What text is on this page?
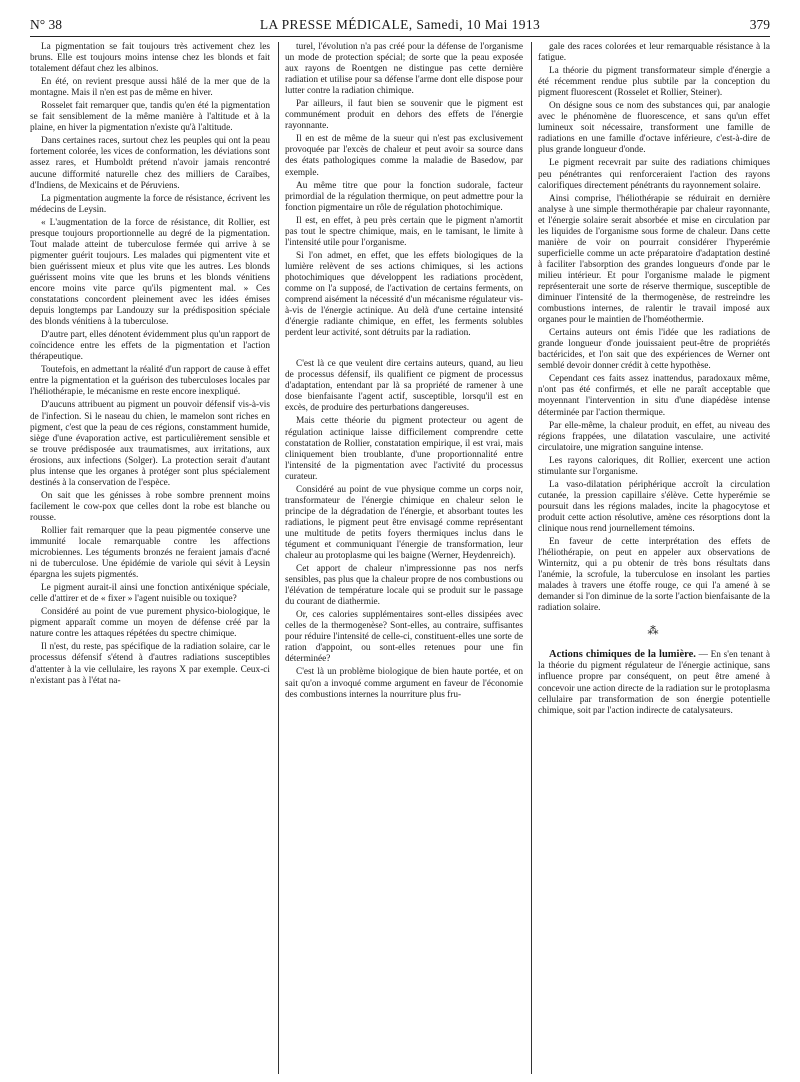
N° 38	LA PRESSE MÉDICALE, Samedi, 10 Mai 1913	379

La pigmentation se fait toujours très activement chez les bruns. Elle est toujours moins intense chez les blonds et fait totalement défaut chez les albinos.

En été, on revient presque aussi hâlé de la mer que de la montagne. Mais il n'en est pas de même en hiver.

Rosselet fait remarquer que, tandis qu'en été la pigmentation se fait sensiblement de la même manière à l'altitude et à la plaine, en hiver la pigmentation n'existe qu'à l'altitude.

Dans certaines races, surtout chez les peuples qui ont la peau fortement colorée, les vices de conformation, les déviations sont assez rares, et Humboldt prétend n'avoir jamais rencontré aucune difformité naturelle chez des milliers de Caraïbes, d'Indiens, de Mexicains et de Péruviens.

La pigmentation augmente la force de résistance, écrivent les médecins de Leysin.

« L'augmentation de la force de résistance, dit Rollier, est presque toujours proportionnelle au degré de la pigmentation. Tout malade atteint de tuberculose fermée qui arrive à se pigmenter guérit toujours. Les malades qui pigmentent vite et bien guérissent mieux et plus vite que les autres. Les blonds guérissent moins vite que les bruns et les blonds vénitiens encore moins vite parce qu'ils pigmentent mal. » Ces constatations concordent pleinement avec les idées émises depuis longtemps par Landouzy sur la prédisposition spéciale des blonds vénitiens à la tuberculose.

D'autre part, elles dénotent évidemment plus qu'un rapport de coïncidence entre les effets de la pigmentation et l'action thérapeutique.

Toutefois, en admettant la réalité d'un rapport de cause à effet entre la pigmentation et la guérison des tuberculoses locales par l'héliothérapie, le mécanisme en reste encore inexpliqué.

D'aucuns attribuent au pigment un pouvoir défensif vis-à-vis de l'infection. Si le naseau du chien, le mamelon sont riches en pigment, c'est que la peau de ces régions, constamment humide, siège d'une évaporation active, est particulièrement sensible et se trouve prédisposée aux traumatismes, aux irritations, aux érosions, aux infections (Solger). La protection serait d'autant plus intense que les organes à protéger sont plus spécialement destinés à la conservation de l'espèce.

On sait que les génisses à robe sombre prennent moins facilement le cow-pox que celles dont la robe est blanche ou rousse.

Rollier fait remarquer que la peau pigmentée conserve une immunité locale remarquable contre les affections microbiennes. Les téguments bronzés ne feraient jamais d'acné ni de tuberculose. Une épidémie de variole qui sévit à Leysin épargna les sujets pigmentés.

Le pigment aurait-il ainsi une fonction antixénique spéciale, celle d'attirer et de « fixer » l'agent nuisible ou toxique?

Considéré au point de vue purement physico-biologique, le pigment apparaît comme un moyen de défense créé par la nature contre les attaques répétées du spectre chimique.

Il n'est, du reste, pas spécifique de la radiation solaire, car le processus défensif s'étend à d'autres radiations susceptibles d'attenter à la vie cellulaire, les rayons X par exemple. Ceux-ci n'existant pas à l'état na-

turel, l'évolution n'a pas créé pour la défense de l'organisme un mode de protection spécial; de sorte que la peau exposée aux rayons de Roentgen ne distingue pas cette dernière radiation et utilise pour sa défense l'arme dont elle dispose pour lutter contre la radiation chimique.

Par ailleurs, il faut bien se souvenir que le pigment est communément produit en dehors des effets de l'énergie rayonnante.

Il en est de même de la sueur qui n'est pas exclusivement provoquée par l'excès de chaleur et peut avoir sa source dans des états pathologiques comme la maladie de Basedow, par exemple.

Au même titre que pour la fonction sudorale, facteur primordial de la régulation thermique, on peut admettre pour la fonction pigmentaire un rôle de régulation photochimique.

Il est, en effet, à peu près certain que le pigment n'amortit pas tout le spectre chimique, mais, en le tamisant, le limite à l'intensité utile pour l'organisme.

Si l'on admet, en effet, que les effets biologiques de la lumière relèvent de ses actions chimiques, si les actions photochimiques que développent les radiations procèdent, comme on l'a supposé, de l'activation de certains ferments, on comprend aisément la nécessité d'un mécanisme régulateur vis-à-vis de l'énergie actinique. Au delà d'une certaine intensité d'énergie radiante chimique, en effet, les ferments solubles perdent leur activité, sont détruits par la radiation.

C'est là ce que veulent dire certains auteurs, quand, au lieu de processus défensif, ils qualifient ce pigment de processus d'adaptation, entendant par là sa propriété de ramener à une dose bienfaisante l'agent actif, susceptible, lorsqu'il est en excès, de produire des perturbations dangereuses.

Mais cette théorie du pigment protecteur ou agent de régulation actinique laisse difficilement comprendre cette constatation de Rollier, constatation empirique, il est vrai, mais cliniquement bien troublante, d'une proportionnalité entre l'intensité de la pigmentation avec l'activité du processus curateur.

Considéré au point de vue physique comme un corps noir, transformateur de l'énergie chimique en chaleur selon le principe de la dégradation de l'énergie, et absorbant toutes les radiations, le pigment peut être envisagé comme représentant une multitude de petits foyers thermiques inclus dans le tégument et communiquant l'énergie de transformation, leur chaleur au protoplasme qui les baigne (Werner, Heydenreich).

Cet apport de chaleur n'impressionne pas nos nerfs sensibles, pas plus que la chaleur propre de nos combustions ou l'élévation de température locale qui se produit sur le passage du courant de diathermie.

Or, ces calories supplémentaires sont-elles dissipées avec celles de la thermogenèse? Sont-elles, au contraire, suffisantes pour réduire l'intensité de celle-ci, constituent-elles une sorte de ration d'appoint, ou sont-elles retenues pour une fin déterminée?

C'est là un problème biologique de bien haute portée, et on sait qu'on a invoqué comme argument en faveur de l'économie des combustions internes la nourriture plus fru-

gale des races colorées et leur remarquable résistance à la fatigue.

La théorie du pigment transformateur simple d'énergie a été récemment rendue plus subtile par la conception du pigment fluorescent (Rosselet et Rollier, Steiner).

On désigne sous ce nom des substances qui, par analogie avec le phénomène de fluorescence, et sans qu'un effet lumineux soit nécessaire, transforment une famille de radiations en une famille d'octave inférieure, c'est-à-dire de plus grande longueur d'onde.

Le pigment recevrait par suite des radiations chimiques peu pénétrantes qui renforceraient l'action des rayons calorifiques directement pénétrants du rayonnement solaire.

Ainsi comprise, l'héliothérapie se réduirait en dernière analyse à une simple thermothérapie par chaleur rayonnante, et l'énergie solaire serait absorbée et mise en circulation par les liquides de l'organisme sous forme de chaleur. Dans cette manière de voir on pourrait considérer l'hyperémie superficielle comme un acte préparatoire d'adaptation destiné à faciliter l'absorption des grandes longueurs d'onde par le milieu intérieur. Et pour l'organisme malade le pigment représenterait une sorte de réserve thermique, susceptible de diminuer l'intensité de la thermogenèse, de restreindre les combustions internes, de ralentir le travail imposé aux organes pour le maintien de l'homéothermie.

Certains auteurs ont émis l'idée que les radiations de grande longueur d'onde jouissaient peut-être de propriétés bactéricides, et l'on sait que des expériences de Werner ont semblé devoir donner crédit à cette hypothèse.

Cependant ces faits assez inattendus, paradoxaux même, n'ont pas été confirmés, et elle ne paraît acceptable que moyennant l'intervention in situ d'une diapédèse intense déterminée par l'action thermique.

Par elle-même, la chaleur produit, en effet, au niveau des régions frappées, une dilatation vasculaire, une activité circulatoire, une migration sanguine intense.

Les rayons caloriques, dit Rollier, exercent une action stimulante sur l'organisme.

La vaso-dilatation périphérique accroît la circulation cutanée, la pression capillaire s'élève. Cette hyperémie se poursuit dans les régions malades, incite la phagocytose et produit cette action résolutive, amène ces résorptions dont la clinique nous rend journellement témoins.

En faveur de cette interprétation des effets de l'héliothérapie, on peut en appeler aux observations de Winternitz, qui a pu obtenir de très bons résultats dans l'anémie, la scrofule, la tuberculose en insolant les parties malades à travers une étoffe rouge, ce qui l'a amené à se demander si l'on diminue de la sorte l'action bienfaisante de la radiation solaire.

⁂

Actions chimiques de la lumière. — En s'en tenant à la théorie du pigment régulateur de l'énergie actinique, sans influence propre par conséquent, on peut être amené à concevoir une action directe de la radiation sur le protoplasma cellulaire par transformation de son énergie potentielle chimique, soit par l'action indirecte de catalysateurs.
